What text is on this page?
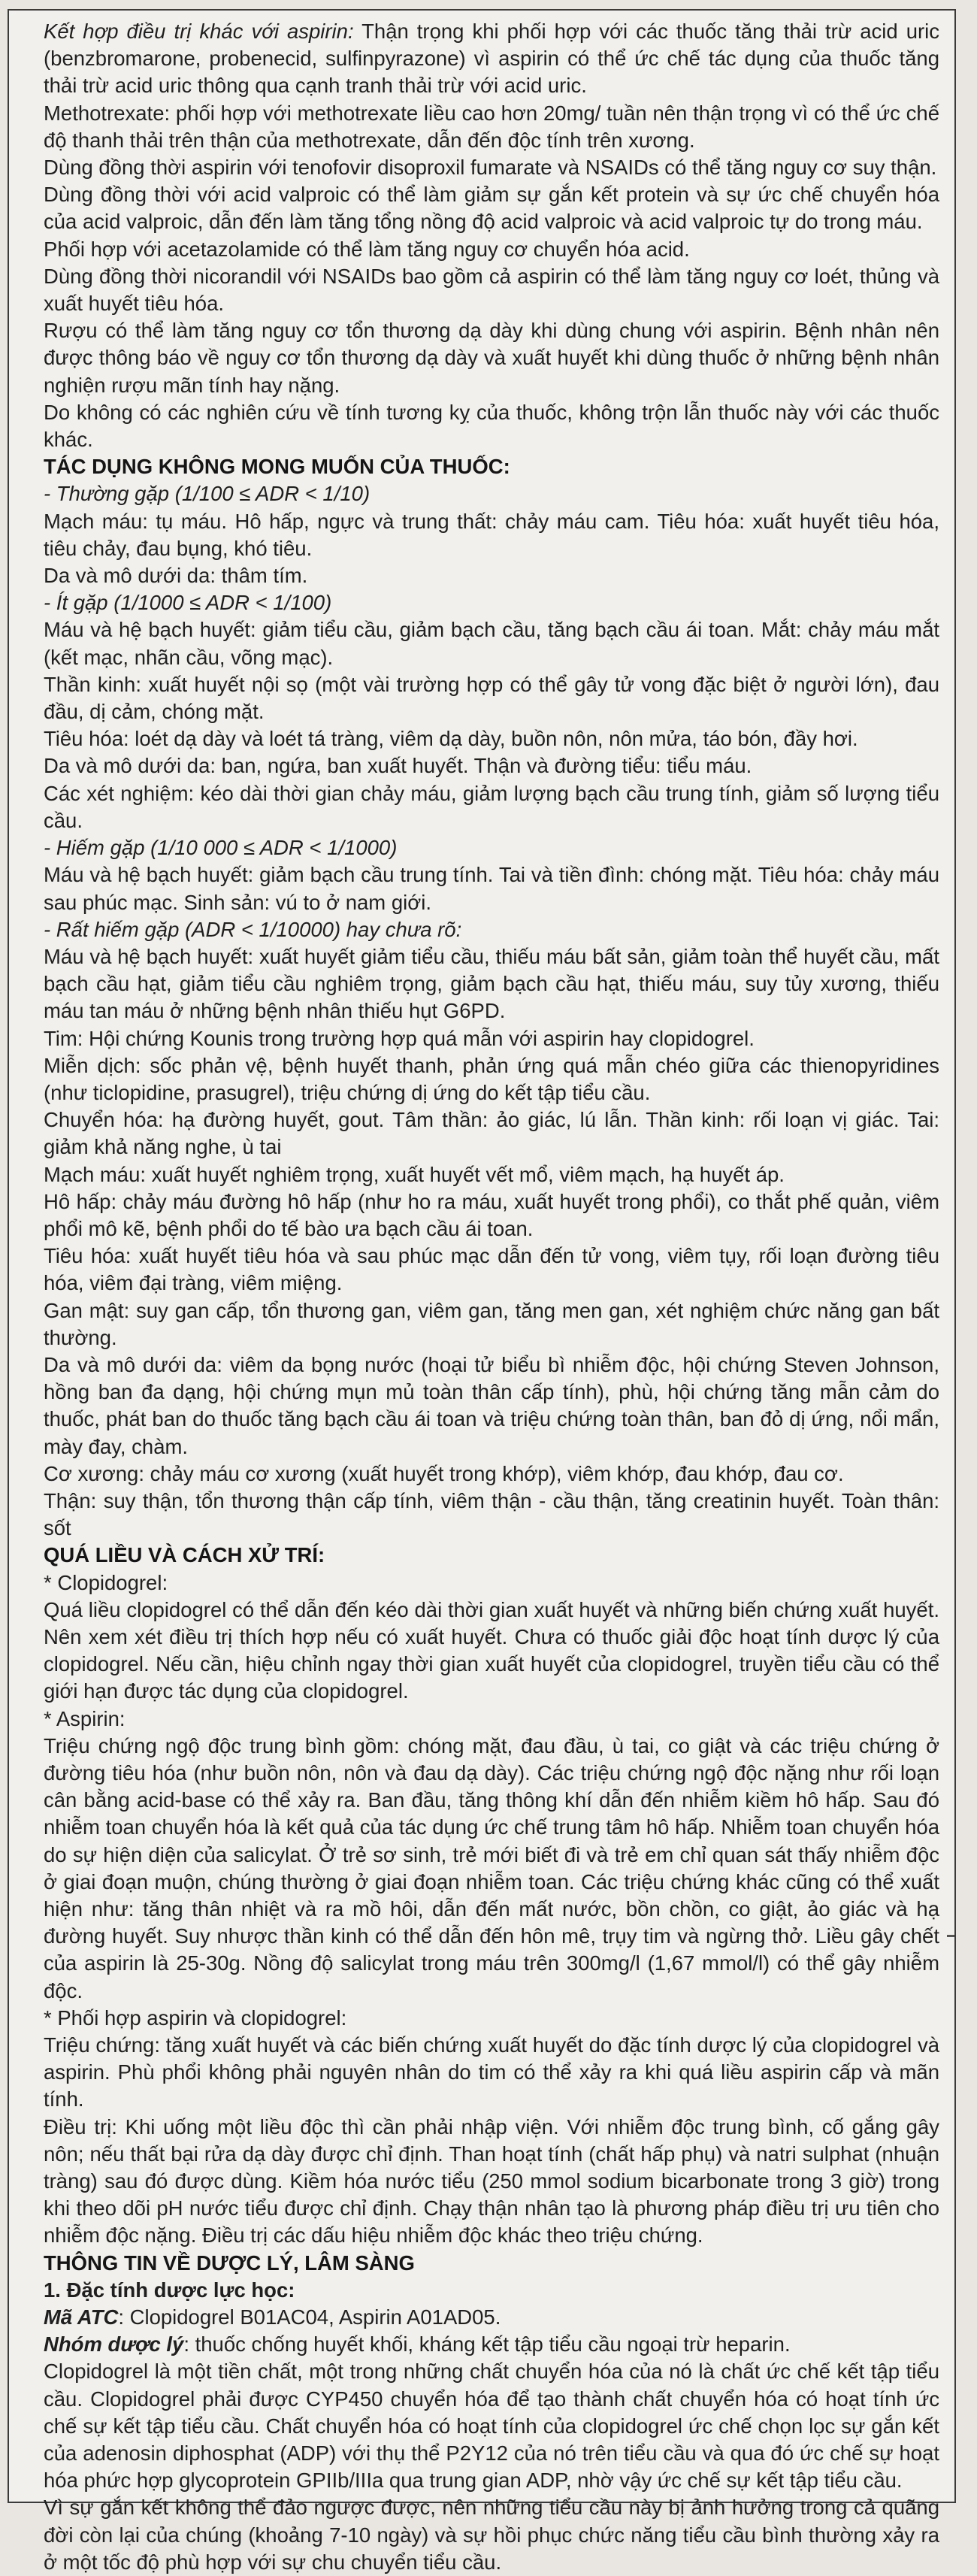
Kết hợp điều trị khác với aspirin: Thận trọng khi phối hợp với các thuốc tăng thải trừ acid uric (benzbromarone, probenecid, sulfinpyrazone) vì aspirin có thể ức chế tác dụng của thuốc tăng thải trừ acid uric thông qua cạnh tranh thải trừ với acid uric.

Methotrexate: phối hợp với methotrexate liều cao hơn 20mg/ tuần nên thận trọng vì có thể ức chế độ thanh thải trên thận của methotrexate, dẫn đến độc tính trên xương.

Dùng đồng thời aspirin với tenofovir disoproxil fumarate và NSAIDs có thể tăng nguy cơ suy thận.

Dùng đồng thời với acid valproic có thể làm giảm sự gắn kết protein và sự ức chế chuyển hóa của acid valproic, dẫn đến làm tăng tổng nồng độ acid valproic và acid valproic tự do trong máu.

Phối hợp với acetazolamide có thể làm tăng nguy cơ chuyển hóa acid.

Dùng đồng thời nicorandil với NSAIDs bao gồm cả aspirin có thể làm tăng nguy cơ loét, thủng và xuất huyết tiêu hóa.

Rượu có thể làm tăng nguy cơ tổn thương dạ dày khi dùng chung với aspirin. Bệnh nhân nên được thông báo về nguy cơ tổn thương dạ dày và xuất huyết khi dùng thuốc ở những bệnh nhân nghiện rượu mãn tính hay nặng.

Do không có các nghiên cứu về tính tương kỵ của thuốc, không trộn lẫn thuốc này với các thuốc khác.

TÁC DỤNG KHÔNG MONG MUỐN CỦA THUỐC:

- Thường gặp (1/100 ≤ ADR < 1/10)

Mạch máu: tụ máu. Hô hấp, ngực và trung thất: chảy máu cam. Tiêu hóa: xuất huyết tiêu hóa, tiêu chảy, đau bụng, khó tiêu.

Da và mô dưới da: thâm tím.

- Ít gặp (1/1000 ≤ ADR < 1/100)

Máu và hệ bạch huyết: giảm tiểu cầu, giảm bạch cầu, tăng bạch cầu ái toan. Mắt: chảy máu mắt (kết mạc, nhãn cầu, võng mạc).

Thần kinh: xuất huyết nội sọ (một vài trường hợp có thể gây tử vong đặc biệt ở người lớn), đau đầu, dị cảm, chóng mặt.

Tiêu hóa: loét dạ dày và loét tá tràng, viêm dạ dày, buồn nôn, nôn mửa, táo bón, đầy hơi.

Da và mô dưới da: ban, ngứa, ban xuất huyết. Thận và đường tiểu: tiểu máu.

Các xét nghiệm: kéo dài thời gian chảy máu, giảm lượng bạch cầu trung tính, giảm số lượng tiểu cầu.

- Hiếm gặp (1/10 000 ≤ ADR < 1/1000)

Máu và hệ bạch huyết: giảm bạch cầu trung tính. Tai và tiền đình: chóng mặt. Tiêu hóa: chảy máu sau phúc mạc. Sinh sản: vú to ở nam giới.

- Rất hiếm gặp (ADR < 1/10000) hay chưa rõ:

Máu và hệ bạch huyết: xuất huyết giảm tiểu cầu, thiếu máu bất sản, giảm toàn thể huyết cầu, mất bạch cầu hạt, giảm tiểu cầu nghiêm trọng, giảm bạch cầu hạt, thiếu máu, suy tủy xương, thiếu máu tan máu ở những bệnh nhân thiếu hụt G6PD.

Tim: Hội chứng Kounis trong trường hợp quá mẫn với aspirin hay clopidogrel.

Miễn dịch: sốc phản vệ, bệnh huyết thanh, phản ứng quá mẫn chéo giữa các thienopyridines (như ticlopidine, prasugrel), triệu chứng dị ứng do kết tập tiểu cầu.

Chuyển hóa: hạ đường huyết, gout. Tâm thần: ảo giác, lú lẫn. Thần kinh: rối loạn vị giác. Tai: giảm khả năng nghe, ù tai

Mạch máu: xuất huyết nghiêm trọng, xuất huyết vết mổ, viêm mạch, hạ huyết áp.

Hô hấp: chảy máu đường hô hấp (như ho ra máu, xuất huyết trong phổi), co thắt phế quản, viêm phổi mô kẽ, bệnh phổi do tế bào ưa bạch cầu ái toan.

Tiêu hóa: xuất huyết tiêu hóa và sau phúc mạc dẫn đến tử vong, viêm tụy, rối loạn đường tiêu hóa, viêm đại tràng, viêm miệng.

Gan mật: suy gan cấp, tổn thương gan, viêm gan, tăng men gan, xét nghiệm chức năng gan bất thường.

Da và mô dưới da: viêm da bọng nước (hoại tử biểu bì nhiễm độc, hội chứng Steven Johnson, hồng ban đa dạng, hội chứng mụn mủ toàn thân cấp tính), phù, hội chứng tăng mẫn cảm do thuốc, phát ban do thuốc tăng bạch cầu ái toan và triệu chứng toàn thân, ban đỏ dị ứng, nổi mẩn, mày đay, chàm.

Cơ xương: chảy máu cơ xương (xuất huyết trong khớp), viêm khớp, đau khớp, đau cơ.

Thận: suy thận, tổn thương thận cấp tính, viêm thận - cầu thận, tăng creatinin huyết. Toàn thân: sốt

QUÁ LIỀU VÀ CÁCH XỬ TRÍ:

* Clopidogrel:

Quá liều clopidogrel có thể dẫn đến kéo dài thời gian xuất huyết và những biến chứng xuất huyết. Nên xem xét điều trị thích hợp nếu có xuất huyết. Chưa có thuốc giải độc hoạt tính dược lý của clopidogrel. Nếu cần, hiệu chỉnh ngay thời gian xuất huyết của clopidogrel, truyền tiểu cầu có thể giới hạn được tác dụng của clopidogrel.

* Aspirin:

Triệu chứng ngộ độc trung bình gồm: chóng mặt, đau đầu, ù tai, co giật và các triệu chứng ở đường tiêu hóa (như buồn nôn, nôn và đau dạ dày). Các triệu chứng ngộ độc nặng như rối loạn cân bằng acid-base có thể xảy ra. Ban đầu, tăng thông khí dẫn đến nhiễm kiềm hô hấp. Sau đó nhiễm toan chuyển hóa là kết quả của tác dụng ức chế trung tâm hô hấp. Nhiễm toan chuyển hóa do sự hiện diện của salicylat. Ở trẻ sơ sinh, trẻ mới biết đi và trẻ em chỉ quan sát thấy nhiễm độc ở giai đoạn muộn, chúng thường ở giai đoạn nhiễm toan. Các triệu chứng khác cũng có thể xuất hiện như: tăng thân nhiệt và ra mồ hôi, dẫn đến mất nước, bồn chồn, co giật, ảo giác và hạ đường huyết. Suy nhược thần kinh có thể dẫn đến hôn mê, trụy tim và ngừng thở. Liều gây chết của aspirin là 25-30g. Nồng độ salicylat trong máu trên 300mg/l (1,67 mmol/l) có thể gây nhiễm độc.

* Phối hợp aspirin và clopidogrel:

Triệu chứng: tăng xuất huyết và các biến chứng xuất huyết do đặc tính dược lý của clopidogrel và aspirin. Phù phổi không phải nguyên nhân do tim có thể xảy ra khi quá liều aspirin cấp và mãn tính.

Điều trị: Khi uống một liều độc thì cần phải nhập viện. Với nhiễm độc trung bình, cố gắng gây nôn; nếu thất bại rửa dạ dày được chỉ định. Than hoạt tính (chất hấp phụ) và natri sulphat (nhuận tràng) sau đó được dùng. Kiềm hóa nước tiểu (250 mmol sodium bicarbonate trong 3 giờ) trong khi theo dõi pH nước tiểu được chỉ định. Chạy thận nhân tạo là phương pháp điều trị ưu tiên cho nhiễm độc nặng. Điều trị các dấu hiệu nhiễm độc khác theo triệu chứng.

THÔNG TIN VỀ DƯỢC LÝ, LÂM SÀNG

1. Đặc tính dược lực học:

Mã ATC: Clopidogrel B01AC04, Aspirin A01AD05.

Nhóm dược lý: thuốc chống huyết khối, kháng kết tập tiểu cầu ngoại trừ heparin.

Clopidogrel là một tiền chất, một trong những chất chuyển hóa của nó là chất ức chế kết tập tiểu cầu. Clopidogrel phải được CYP450 chuyển hóa để tạo thành chất chuyển hóa có hoạt tính ức chế sự kết tập tiểu cầu. Chất chuyển hóa có hoạt tính của clopidogrel ức chế chọn lọc sự gắn kết của adenosin diphosphat (ADP) với thụ thể P2Y12 của nó trên tiểu cầu và qua đó ức chế sự hoạt hóa phức hợp glycoprotein GPIIb/IIIa qua trung gian ADP, nhờ vậy ức chế sự kết tập tiểu cầu.

Vì sự gắn kết không thể đảo ngược được, nên những tiểu cầu này bị ảnh hưởng trong cả quãng đời còn lại của chúng (khoảng 7-10 ngày) và sự hồi phục chức năng tiểu cầu bình thường xảy ra ở một tốc độ phù hợp với sự chu chuyển tiểu cầu.
